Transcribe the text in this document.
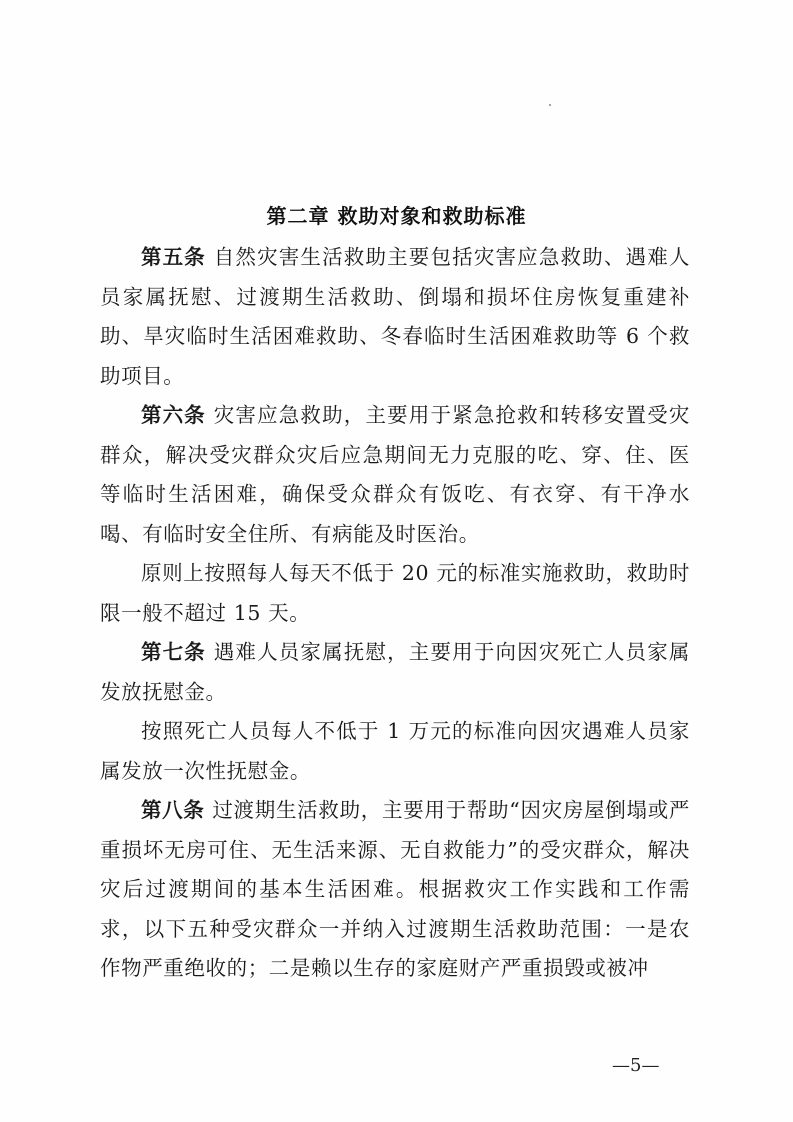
第二章 救助对象和救助标准

第五条 自然灾害生活救助主要包括灾害应急救助、遇难人员家属抚慰、过渡期生活救助、倒塌和损坏住房恢复重建补助、旱灾临时生活困难救助、冬春临时生活困难救助等 6 个救助项目。

第六条 灾害应急救助，主要用于紧急抢救和转移安置受灾群众，解决受灾群众灾后应急期间无力克服的吃、穿、住、医等临时生活困难，确保受众群众有饭吃、有衣穿、有干净水喝、有临时安全住所、有病能及时医治。

原则上按照每人每天不低于 20 元的标准实施救助，救助时限一般不超过 15 天。

第七条 遇难人员家属抚慰，主要用于向因灾死亡人员家属发放抚慰金。

按照死亡人员每人不低于 1 万元的标准向因灾遇难人员家属发放一次性抚慰金。

第八条 过渡期生活救助，主要用于帮助“因灾房屋倒塌或严重损坏无房可住、无生活来源、无自救能力”的受灾群众，解决灾后过渡期间的基本生活困难。根据救灾工作实践和工作需求，以下五种受灾群众一并纳入过渡期生活救助范围：一是农作物严重绝收的；二是赖以生存的家庭财产严重损毁或被冲

—5—
